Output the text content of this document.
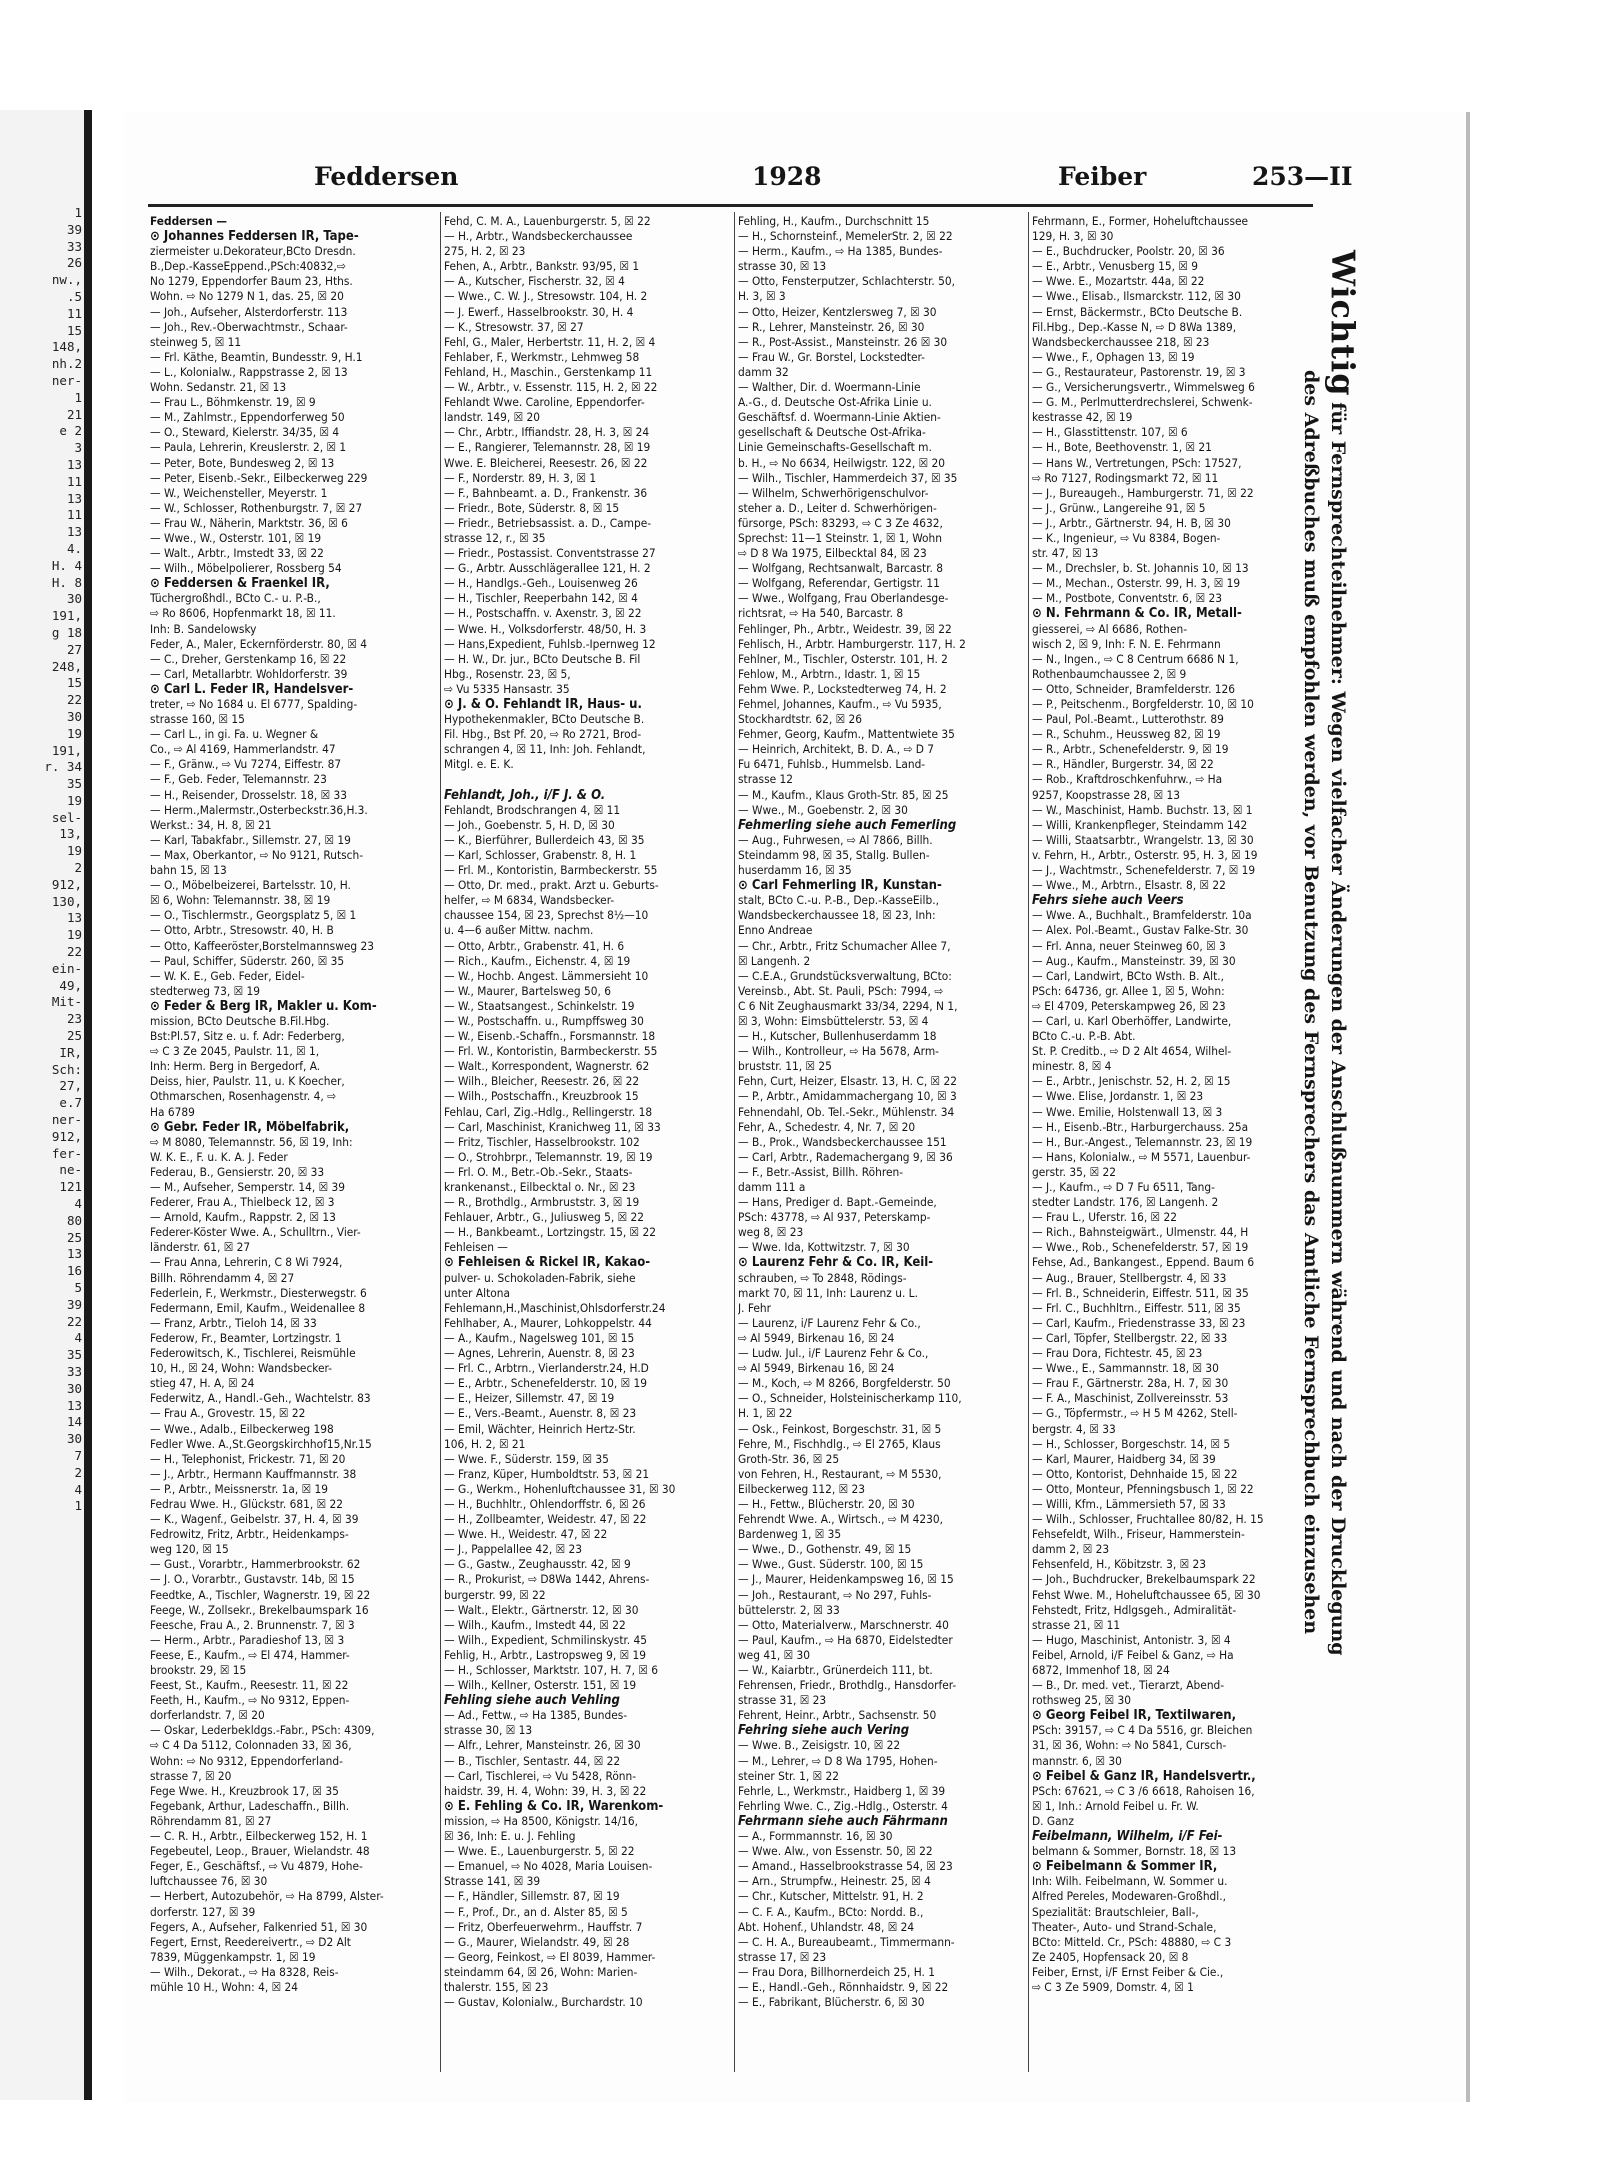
1
39
33
26
nw.,
.5
11
15
148,
nh.2
ner-
1
21
e 2
3
13
11
13
11
13
4.
H. 4
H. 8
30
191,
g 18
27
248,
15
22
30
19
191,
r. 34
35
19
sel-
13,
19
2
912,
130,
13
19
22
ein-
49,
Mit-
23
25
IR,
Sch:
27,
e.7
ner-
912,
fer-
ne-
121
4
80
25
13
16
5
39
22
4
35
33
30
13
14
30
7
2
4
1
Feddersen	1928	Feiber	253—II
Feddersen —
⊙ Johannes Feddersen IR, Tape-
ziermeister u.Dekorateur,BCto Dresdn.
B.,Dep.-KasseEppend.,PSch:40832,⇨
No 1279, Eppendorfer Baum 23, Hths.
Wohn. ⇨ No 1279 N 1, das. 25, ☒ 20
— Joh., Aufseher, Alsterdorferstr. 113
— Joh., Rev.-Oberwachtmstr., Schaar-
steinweg 5, ☒ 11
— Frl. Käthe, Beamtin, Bundesstr. 9, H.1
— L., Kolonialw., Rappstrasse 2, ☒ 13
Wohn. Sedanstr. 21, ☒ 13
— Frau L., Böhmkenstr. 19, ☒ 9
— M., Zahlmstr., Eppendorferweg 50
— O., Steward, Kielerstr. 34/35, ☒ 4
— Paula, Lehrerin, Kreuslerstr. 2, ☒ 1
— Peter, Bote, Bundesweg 2, ☒ 13
— Peter, Eisenb.-Sekr., Eilbeckerweg 229
— W., Weichensteller, Meyerstr. 1
— W., Schlosser, Rothenburgstr. 7, ☒ 27
— Frau W., Näherin, Marktstr. 36, ☒ 6
— Wwe., W., Osterstr. 101, ☒ 19
— Walt., Arbtr., Imstedt 33, ☒ 22
— Wilh., Möbelpolierer, Rossberg 54
⊙ Feddersen & Fraenkel IR,
Tüchergroßhdl., BCto C.- u. P.-B.,
⇨ Ro 8606, Hopfenmarkt 18, ☒ 11.
Inh: B. Sandelowsky
Feder, A., Maler, Eckernförderstr. 80, ☒ 4
— C., Dreher, Gerstenkamp 16, ☒ 22
— Carl, Metallarbtr. Wohldorferstr. 39
⊙ Carl L. Feder IR, Handelsver-
treter, ⇨ No 1684 u. El 6777, Spalding-
strasse 160, ☒ 15
— Carl L., in gi. Fa. u. Wegner &
Co., ⇨ Al 4169, Hammerlandstr. 47
— F., Gränw., ⇨ Vu 7274, Eiffestr. 87
— F., Geb. Feder, Telemannstr. 23
— H., Reisender, Drosselstr. 18, ☒ 33
— Herm.,Malermstr.,Osterbeckstr.36,H.3.
Werkst.: 34, H. 8, ☒ 21
— Karl, Tabakfabr., Sillemstr. 27, ☒ 19
— Max, Oberkantor, ⇨ No 9121, Rutsch-
bahn 15, ☒ 13
— O., Möbelbeizerei, Bartelsstr. 10, H.
☒ 6, Wohn: Telemannstr. 38, ☒ 19
— O., Tischlermstr., Georgsplatz 5, ☒ 1
— Otto, Arbtr., Stresowstr. 40, H. B
— Otto, Kaffeeröster,Borstelmannsweg 23
— Paul, Schiffer, Süderstr. 260, ☒ 35
— W. K. E., Geb. Feder, Eidel-
stedterweg 73, ☒ 19
⊙ Feder & Berg IR, Makler u. Kom-
mission, BCto Deutsche B.Fil.Hbg.
Bst:Pl.57, Sitz e. u. f. Adr: Federberg,
⇨ C 3 Ze 2045, Paulstr. 11, ☒ 1,
Inh: Herm. Berg in Bergedorf, A.
Deiss, hier, Paulstr. 11, u. K Koecher,
Othmarschen, Rosenhagenstr. 4, ⇨
Ha 6789
⊙ Gebr. Feder IR, Möbelfabrik,
⇨ M 8080, Telemannstr. 56, ☒ 19, Inh:
W. K. E., F. u. K. A. J. Feder
Federau, B., Gensierstr. 20, ☒ 33
— M., Aufseher, Semperstr. 14, ☒ 39
Federer, Frau A., Thielbeck 12, ☒ 3
— Arnold, Kaufm., Rappstr. 2, ☒ 13
Federer-Köster Wwe. A., Schulltrn., Vier-
länderstr. 61, ☒ 27
— Frau Anna, Lehrerin, C 8 Wi 7924,
Billh. Röhrendamm 4, ☒ 27
Federlein, F., Werkmstr., Diesterwegstr. 6
Federmann, Emil, Kaufm., Weidenallee 8
— Franz, Arbtr., Tieloh 14, ☒ 33
Federow, Fr., Beamter, Lortzingstr. 1
Federowitsch, K., Tischlerei, Reismühle
10, H., ☒ 24, Wohn: Wandsbecker-
stieg 47, H. A, ☒ 24
Federwitz, A., Handl.-Geh., Wachtelstr. 83
— Frau A., Grovestr. 15, ☒ 22
— Wwe., Adalb., Eilbeckerweg 198
Fedler Wwe. A.,St.Georgskirchhof15,Nr.15
— H., Telephonist, Frickestr. 71, ☒ 20
— J., Arbtr., Hermann Kauffmannstr. 38
— P., Arbtr., Meissnerstr. 1a, ☒ 19
Fedrau Wwe. H., Glückstr. 681, ☒ 22
— K., Wagenf., Geibelstr. 37, H. 4, ☒ 39
Fedrowitz, Fritz, Arbtr., Heidenkamps-
weg 120, ☒ 15
— Gust., Vorarbtr., Hammerbrookstr. 62
— J. O., Vorarbtr., Gustavstr. 14b, ☒ 15
Feedtke, A., Tischler, Wagnerstr. 19, ☒ 22
Feege, W., Zollsekr., Brekelbaumspark 16
Feesche, Frau A., 2. Brunnenstr. 7, ☒ 3
— Herm., Arbtr., Paradieshof 13, ☒ 3
Feese, E., Kaufm., ⇨ El 474, Hammer-
brookstr. 29, ☒ 15
Feest, St., Kaufm., Reesestr. 11, ☒ 22
Feeth, H., Kaufm., ⇨ No 9312, Eppen-
dorferlandstr. 7, ☒ 20
— Oskar, Lederbekldgs.-Fabr., PSch: 4309,
⇨ C 4 Da 5112, Colonnaden 33, ☒ 36,
Wohn: ⇨ No 9312, Eppendorferland-
strasse 7, ☒ 20
Fege Wwe. H., Kreuzbrook 17, ☒ 35
Fegebank, Arthur, Ladeschaffn., Billh.
Röhrendamm 81, ☒ 27
— C. R. H., Arbtr., Eilbeckerweg 152, H. 1
Fegebeutel, Leop., Brauer, Wielandstr. 48
Feger, E., Geschäftsf., ⇨ Vu 4879, Hohe-
luftchaussee 76, ☒ 30
— Herbert, Autozubehör, ⇨ Ha 8799, Alster-
dorferstr. 127, ☒ 39
Fegers, A., Aufseher, Falkenried 51, ☒ 30
Fegert, Ernst, Reedereivertr., ⇨ D2 Alt
7839, Müggenkampstr. 1, ☒ 19
— Wilh., Dekorat., ⇨ Ha 8328, Reis-
mühle 10 H., Wohn: 4, ☒ 24
Fehd, C. M. A., Lauenburgerstr. 5, ☒ 22
— H., Arbtr., Wandsbeckerchaussee
275, H. 2, ☒ 23
Fehen, A., Arbtr., Bankstr. 93/95, ☒ 1
— A., Kutscher, Fischerstr. 32, ☒ 4
— Wwe., C. W. J., Stresowstr. 104, H. 2
— J. Ewerf., Hasselbrookstr. 30, H. 4
— K., Stresowstr. 37, ☒ 27
Fehl, G., Maler, Herbertstr. 11, H. 2, ☒ 4
Fehlaber, F., Werkmstr., Lehmweg 58
Fehland, H., Maschin., Gerstenkamp 11
— W., Arbtr., v. Essenstr. 115, H. 2, ☒ 22
Fehlandt Wwe. Caroline, Eppendorfer-
landstr. 149, ☒ 20
— Chr., Arbtr., Iffiandstr. 28, H. 3, ☒ 24
— E., Rangierer, Telemannstr. 28, ☒ 19
Wwe. E. Bleicherei, Reesestr. 26, ☒ 22
— F., Norderstr. 89, H. 3, ☒ 1
— F., Bahnbeamt. a. D., Frankenstr. 36
— Friedr., Bote, Süderstr. 8, ☒ 15
— Friedr., Betriebsassist. a. D., Campe-
strasse 12, r., ☒ 35
— Friedr., Postassist. Conventstrasse 27
— G., Arbtr. Ausschlägerallee 121, H. 2
— H., Handlgs.-Geh., Louisenweg 26
— H., Tischler, Reeperbahn 142, ☒ 4
— H., Postschaffn. v. Axenstr. 3, ☒ 22
— Wwe. H., Volksdorferstr. 48/50, H. 3
— Hans,Expedient, Fuhlsb.-Ipernweg 12
— H. W., Dr. jur., BCto Deutsche B. Fil
Hbg., Rosenstr. 23, ☒ 5,
⇨ Vu 5335 Hansastr. 35
⊙ J. & O. Fehlandt IR, Haus- u.
Hypothekenmakler, BCto Deutsche B.
Fil. Hbg., Bst Pf. 20, ⇨ Ro 2721, Brod-
schrangen 4, ☒ 11, Inh: Joh. Fehlandt,
Mitgl. e. E. K.

Fehlandt, Joh., i/F J. & O.
Fehlandt, Brodschrangen 4, ☒ 11
— Joh., Goebenstr. 5, H. D, ☒ 30
— K., Bierführer, Bullerdeich 43, ☒ 35
— Karl, Schlosser, Grabenstr. 8, H. 1
— Frl. M., Kontoristin, Barmbeckerstr. 55
— Otto, Dr. med., prakt. Arzt u. Geburts-
helfer, ⇨ M 6834, Wandsbecker-
chaussee 154, ☒ 23, Sprechst 8½—10
u. 4—6 außer Mittw. nachm.
— Otto, Arbtr., Grabenstr. 41, H. 6
— Rich., Kaufm., Eichenstr. 4, ☒ 19
— W., Hochb. Angest. Lämmersieht 10
— W., Maurer, Bartelsweg 50, 6
— W., Staatsangest., Schinkelstr. 19
— W., Postschaffn. u., Rumpffsweg 30
— W., Eisenb.-Schaffn., Forsmannstr. 18
— Frl. W., Kontoristin, Barmbeckerstr. 55
— Walt., Korrespondent, Wagnerstr. 62
— Wilh., Bleicher, Reesestr. 26, ☒ 22
— Wilh., Postschaffn., Kreuzbrook 15
Fehlau, Carl, Zig.-Hdlg., Rellingerstr. 18
— Carl, Maschinist, Kranichweg 11, ☒ 33
— Fritz, Tischler, Hasselbrookstr. 102
— O., Strohbrpr., Telemannstr. 19, ☒ 19
— Frl. O. M., Betr.-Ob.-Sekr., Staats-
krankenanst., Eilbecktal o. Nr., ☒ 23
— R., Brothdlg., Armbruststr. 3, ☒ 19
Fehlauer, Arbtr., G., Juliusweg 5, ☒ 22
— H., Bankbeamt., Lortzingstr. 15, ☒ 22
Fehleisen —
⊙ Fehleisen & Rickel IR, Kakao-
pulver- u. Schokoladen-Fabrik, siehe
unter Altona
Fehlemann,H.,Maschinist,Ohlsdorferstr.24
Fehlhaber, A., Maurer, Lohkoppelstr. 44
— A., Kaufm., Nagelsweg 101, ☒ 15
— Agnes, Lehrerin, Auenstr. 8, ☒ 23
— Frl. C., Arbtrn., Vierlanderstr.24, H.D
— E., Arbtr., Schenefelderstr. 10, ☒ 19
— E., Heizer, Sillemstr. 47, ☒ 19
— E., Vers.-Beamt., Auenstr. 8, ☒ 23
— Emil, Wächter, Heinrich Hertz-Str.
106, H. 2, ☒ 21
— Wwe. F., Süderstr. 159, ☒ 35
— Franz, Küper, Humboldtstr. 53, ☒ 21
— G., Werkm., Hohenluftchaussee 31, ☒ 30
— H., Buchhltr., Ohlendorffstr. 6, ☒ 26
— H., Zollbeamter, Weidestr. 47, ☒ 22
— Wwe. H., Weidestr. 47, ☒ 22
— J., Pappelallee 42, ☒ 23
— G., Gastw., Zeughausstr. 42, ☒ 9
— R., Prokurist, ⇨ D8Wa 1442, Ahrens-
burgerstr. 99, ☒ 22
— Walt., Elektr., Gärtnerstr. 12, ☒ 30
— Wilh., Kaufm., Imstedt 44, ☒ 22
— Wilh., Expedient, Schmilinskystr. 45
Fehlig, H., Arbtr., Lastropsweg 9, ☒ 19
— H., Schlosser, Marktstr. 107, H. 7, ☒ 6
— Wilh., Kellner, Osterstr. 151, ☒ 19
Fehling siehe auch Vehling
— Ad., Fettw., ⇨ Ha 1385, Bundes-
strasse 30, ☒ 13
— Alfr., Lehrer, Mansteinstr. 26, ☒ 30
— B., Tischler, Sentastr. 44, ☒ 22
— Carl, Tischlerei, ⇨ Vu 5428, Rönn-
haidstr. 39, H. 4, Wohn: 39, H. 3, ☒ 22
⊙ E. Fehling & Co. IR, Warenkom-
mission, ⇨ Ha 8500, Königstr. 14/16,
☒ 36, Inh: E. u. J. Fehling
— Wwe. E., Lauenburgerstr. 5, ☒ 22
— Emanuel, ⇨ No 4028, Maria Louisen-
Strasse 141, ☒ 39
— F., Händler, Sillemstr. 87, ☒ 19
— F., Prof., Dr., an d. Alster 85, ☒ 5
— Fritz, Oberfeuerwehrm., Hauffstr. 7
— G., Maurer, Wielandstr. 49, ☒ 28
— Georg, Feinkost, ⇨ El 8039, Hammer-
steindamm 64, ☒ 26, Wohn: Marien-
thalerstr. 155, ☒ 23
— Gustav, Kolonialw., Burchardstr. 10
Fehling, H., Kaufm., Durchschnitt 15
— H., Schornsteinf., MemelerStr. 2, ☒ 22
— Herm., Kaufm., ⇨ Ha 1385, Bundes-
strasse 30, ☒ 13
— Otto, Fensterputzer, Schlachterstr. 50,
H. 3, ☒ 3
— Otto, Heizer, Kentzlersweg 7, ☒ 30
— R., Lehrer, Mansteinstr. 26, ☒ 30
— R., Post-Assist., Mansteinstr. 26 ☒ 30
— Frau W., Gr. Borstel, Lockstedter-
damm 32
— Walther, Dir. d. Woermann-Linie
A.-G., d. Deutsche Ost-Afrika Linie u.
Geschäftsf. d. Woermann-Linie Aktien-
gesellschaft & Deutsche Ost-Afrika-
Linie Gemeinschafts-Gesellschaft m.
b. H., ⇨ No 6634, Heilwigstr. 122, ☒ 20
— Wilh., Tischler, Hammerdeich 37, ☒ 35
— Wilhelm, Schwerhörigenschulvor-
steher a. D., Leiter d. Schwerhörigen-
fürsorge, PSch: 83293, ⇨ C 3 Ze 4632,
Sprechst: 11—1 Steinstr. 1, ☒ 1, Wohn
⇨ D 8 Wa 1975, Eilbecktal 84, ☒ 23
— Wolfgang, Rechtsanwalt, Barcastr. 8
— Wolfgang, Referendar, Gertigstr. 11
— Wwe., Wolfgang, Frau Oberlandesge-
richtsrat, ⇨ Ha 540, Barcastr. 8
Fehlinger, Ph., Arbtr., Weidestr. 39, ☒ 22
Fehlisch, H., Arbtr. Hamburgerstr. 117, H. 2
Fehlner, M., Tischler, Osterstr. 101, H. 2
Fehlow, M., Arbtrn., Idastr. 1, ☒ 15
Fehm Wwe. P., Lockstedterweg 74, H. 2
Fehmel, Johannes, Kaufm., ⇨ Vu 5935,
Stockhardtstr. 62, ☒ 26
Fehmer, Georg, Kaufm., Mattentwiete 35
— Heinrich, Architekt, B. D. A., ⇨ D 7
Fu 6471, Fuhlsb., Hummelsb. Land-
strasse 12
— M., Kaufm., Klaus Groth-Str. 85, ☒ 25
— Wwe., M., Goebenstr. 2, ☒ 30
Fehmerling siehe auch Femerling
— Aug., Fuhrwesen, ⇨ Al 7866, Billh.
Steindamm 98, ☒ 35, Stallg. Bullen-
huserdamm 16, ☒ 35
⊙ Carl Fehmerling IR, Kunstan-
stalt, BCto C.-u. P.-B., Dep.-KasseEilb.,
Wandsbeckerchaussee 18, ☒ 23, Inh:
Enno Andreae
— Chr., Arbtr., Fritz Schumacher Allee 7,
☒ Langenh. 2
— C.E.A., Grundstücksverwaltung, BCto:
Vereinsb., Abt. St. Pauli, PSch: 7994, ⇨
C 6 Nit Zeughausmarkt 33/34, 2294, N 1,
☒ 3, Wohn: Eimsbüttelerstr. 53, ☒ 4
— H., Kutscher, Bullenhuserdamm 18
— Wilh., Kontrolleur, ⇨ Ha 5678, Arm-
bruststr. 11, ☒ 25
Fehn, Curt, Heizer, Elsastr. 13, H. C, ☒ 22
— P., Arbtr., Amidammachergang 10, ☒ 3
Fehnendahl, Ob. Tel.-Sekr., Mühlenstr. 34
Fehr, A., Schedestr. 4, Nr. 7, ☒ 20
— B., Prok., Wandsbeckerchaussee 151
— Carl, Arbtr., Rademachergang 9, ☒ 36
— F., Betr.-Assist, Billh. Röhren-
damm 111 a
— Hans, Prediger d. Bapt.-Gemeinde,
PSch: 43778, ⇨ Al 937, Peterskamp-
weg 8, ☒ 23
— Wwe. Ida, Kottwitzstr. 7, ☒ 30
⊙ Laurenz Fehr & Co. IR, Keil-
schrauben, ⇨ To 2848, Rödings-
markt 70, ☒ 11, Inh: Laurenz u. L.
J. Fehr
— Laurenz, i/F Laurenz Fehr & Co.,
⇨ Al 5949, Birkenau 16, ☒ 24
— Ludw. Jul., i/F Laurenz Fehr & Co.,
⇨ Al 5949, Birkenau 16, ☒ 24
— M., Koch, ⇨ M 8266, Borgfelderstr. 50
— O., Schneider, Holsteinischerkamp 110,
H. 1, ☒ 22
— Osk., Feinkost, Borgeschstr. 31, ☒ 5
Fehre, M., Fischhdlg., ⇨ El 2765, Klaus
Groth-Str. 36, ☒ 25
von Fehren, H., Restaurant, ⇨ M 5530,
Eilbeckerweg 112, ☒ 23
— H., Fettw., Blücherstr. 20, ☒ 30
Fehrendt Wwe. A., Wirtsch., ⇨ M 4230,
Bardenweg 1, ☒ 35
— Wwe., D., Gothenstr. 49, ☒ 15
— Wwe., Gust. Süderstr. 100, ☒ 15
— J., Maurer, Heidenkampsweg 16, ☒ 15
— Joh., Restaurant, ⇨ No 297, Fuhls-
büttelerstr. 2, ☒ 33
— Otto, Materialverw., Marschnerstr. 40
— Paul, Kaufm., ⇨ Ha 6870, Eidelstedter
weg 41, ☒ 30
— W., Kaiarbtr., Grünerdeich 111, bt.
Fehrensen, Friedr., Brothdlg., Hansdorfer-
strasse 31, ☒ 23
Fehrent, Heinr., Arbtr., Sachsenstr. 50
Fehring siehe auch Vering
— Wwe. B., Zeisigstr. 10, ☒ 22
— M., Lehrer, ⇨ D 8 Wa 1795, Hohen-
steiner Str. 1, ☒ 22
Fehrle, L., Werkmstr., Haidberg 1, ☒ 39
Fehrling Wwe. C., Zig.-Hdlg., Osterstr. 4
Fehrmann siehe auch Fährmann
— A., Formmannstr. 16, ☒ 30
— Wwe. Alw., von Essenstr. 50, ☒ 22
— Amand., Hasselbrookstrasse 54, ☒ 23
— Arn., Strumpfw., Heinestr. 25, ☒ 4
— Chr., Kutscher, Mittelstr. 91, H. 2
— C. F. A., Kaufm., BCto: Nordd. B.,
Abt. Hohenf., Uhlandstr. 48, ☒ 24
— C. H. A., Bureaubeamt., Timmermann-
strasse 17, ☒ 23
— Frau Dora, Billhornerdeich 25, H. 1
— E., Handl.-Geh., Rönnhaidstr. 9, ☒ 22
— E., Fabrikant, Blücherstr. 6, ☒ 30
Fehrmann, E., Former, Hoheluftchaussee
129, H. 3, ☒ 30
— E., Buchdrucker, Poolstr. 20, ☒ 36
— E., Arbtr., Venusberg 15, ☒ 9
— Wwe. E., Mozartstr. 44a, ☒ 22
— Wwe., Elisab., Ilsmarckstr. 112, ☒ 30
— Ernst, Bäckermstr., BCto Deutsche B.
Fil.Hbg., Dep.-Kasse N, ⇨ D 8Wa 1389,
Wandsbeckerchaussee 218, ☒ 23
— Wwe., F., Ophagen 13, ☒ 19
— G., Restaurateur, Pastorenstr. 19, ☒ 3
— G., Versicherungsvertr., Wimmelsweg 6
— G. M., Perlmutterdrechslerei, Schwenk-
kestrasse 42, ☒ 19
— H., Glasstittenstr. 107, ☒ 6
— H., Bote, Beethovenstr. 1, ☒ 21
— Hans W., Vertretungen, PSch: 17527,
⇨ Ro 7127, Rodingsmarkt 72, ☒ 11
— J., Bureaugeh., Hamburgerstr. 71, ☒ 22
— J., Grünw., Langereihe 91, ☒ 5
— J., Arbtr., Gärtnerstr. 94, H. B, ☒ 30
— K., Ingenieur, ⇨ Vu 8384, Bogen-
str. 47, ☒ 13
— M., Drechsler, b. St. Johannis 10, ☒ 13
— M., Mechan., Osterstr. 99, H. 3, ☒ 19
— M., Postbote, Conventstr. 6, ☒ 23
⊙ N. Fehrmann & Co. IR, Metall-
giesserei, ⇨ Al 6686, Rothen-
wisch 2, ☒ 9, Inh: F. N. E. Fehrmann
— N., Ingen., ⇨ C 8 Centrum 6686 N 1,
Rothenbaumchaussee 2, ☒ 9
— Otto, Schneider, Bramfelderstr. 126
— P., Peitschenm., Borgfelderstr. 10, ☒ 10
— Paul, Pol.-Beamt., Lutterothstr. 89
— R., Schuhm., Heussweg 82, ☒ 19
— R., Arbtr., Schenefelderstr. 9, ☒ 19
— R., Händler, Burgerstr. 34, ☒ 22
— Rob., Kraftdroschkenfuhrw., ⇨ Ha
9257, Koopstrasse 28, ☒ 13
— W., Maschinist, Hamb. Buchstr. 13, ☒ 1
— Willi, Krankenpfleger, Steindamm 142
— Willi, Staatsarbtr., Wrangelstr. 13, ☒ 30
v. Fehrn, H., Arbtr., Osterstr. 95, H. 3, ☒ 19
— J., Wachtmstr., Schenefelderstr. 7, ☒ 19
— Wwe., M., Arbtrn., Elsastr. 8, ☒ 22
Fehrs siehe auch Veers
— Wwe. A., Buchhalt., Bramfelderstr. 10a
— Alex. Pol.-Beamt., Gustav Falke-Str. 30
— Frl. Anna, neuer Steinweg 60, ☒ 3
— Aug., Kaufm., Mansteinstr. 39, ☒ 30
— Carl, Landwirt, BCto Wsth. B. Alt.,
PSch: 64736, gr. Allee 1, ☒ 5, Wohn:
⇨ El 4709, Peterskampweg 26, ☒ 23
— Carl, u. Karl Oberhöffer, Landwirte,
BCto C.-u. P.-B. Abt.
St. P. Creditb., ⇨ D 2 Alt 4654, Wilhel-
minestr. 8, ☒ 4
— E., Arbtr., Jenischstr. 52, H. 2, ☒ 15
— Wwe. Elise, Jordanstr. 1, ☒ 23
— Wwe. Emilie, Holstenwall 13, ☒ 3
— H., Eisenb.-Btr., Harburgerchauss. 25a
— H., Bur.-Angest., Telemannstr. 23, ☒ 19
— Hans, Kolonialw., ⇨ M 5571, Lauenbur-
gerstr. 35, ☒ 22
— J., Kaufm., ⇨ D 7 Fu 6511, Tang-
stedter Landstr. 176, ☒ Langenh. 2
— Frau L., Uferstr. 16, ☒ 22
— Rich., Bahnsteigwärt., Ulmenstr. 44, H
— Wwe., Rob., Schenefelderstr. 57, ☒ 19
Fehse, Ad., Bankangest., Eppend. Baum 6
— Aug., Brauer, Stellbergstr. 4, ☒ 33
— Frl. B., Schneiderin, Eiffestr. 511, ☒ 35
— Frl. C., Buchhltrn., Eiffestr. 511, ☒ 35
— Carl, Kaufm., Friedenstrasse 33, ☒ 23
— Carl, Töpfer, Stellbergstr. 22, ☒ 33
— Frau Dora, Fichtestr. 45, ☒ 23
— Wwe., E., Sammannstr. 18, ☒ 30
— Frau F., Gärtnerstr. 28a, H. 7, ☒ 30
— F. A., Maschinist, Zollvereinsstr. 53
— G., Töpfermstr., ⇨ H 5 M 4262, Stell-
bergstr. 4, ☒ 33
— H., Schlosser, Borgeschstr. 14, ☒ 5
— Karl, Maurer, Haidberg 34, ☒ 39
— Otto, Kontorist, Dehnhaide 15, ☒ 22
— Otto, Monteur, Pfenningsbusch 1, ☒ 22
— Willi, Kfm., Lämmersieth 57, ☒ 33
— Wilh., Schlosser, Fruchtallee 80/82, H. 15
Fehsefeldt, Wilh., Friseur, Hammerstein-
damm 2, ☒ 23
Fehsenfeld, H., Köbitzstr. 3, ☒ 23
— Joh., Buchdrucker, Brekelbaumspark 22
Fehst Wwe. M., Hoheluftchaussee 65, ☒ 30
Fehstedt, Fritz, Hdlgsgeh., Admiralität-
strasse 21, ☒ 11
— Hugo, Maschinist, Antonistr. 3, ☒ 4
Feibel, Arnold, i/F Feibel & Ganz, ⇨ Ha
6872, Immenhof 18, ☒ 24
— B., Dr. med. vet., Tierarzt, Abend-
rothsweg 25, ☒ 30
⊙ Georg Feibel IR, Textilwaren,
PSch: 39157, ⇨ C 4 Da 5516, gr. Bleichen
31, ☒ 36, Wohn: ⇨ No 5841, Cursch-
mannstr. 6, ☒ 30
⊙ Feibel & Ganz IR, Handelsvertr.,
PSch: 67621, ⇨ C 3 /6 6618, Rahoisen 16,
☒ 1, Inh.: Arnold Feibel u. Fr. W.
D. Ganz
Feibelmann, Wilhelm, i/F Fei-
belmann & Sommer, Bornstr. 18, ☒ 13
⊙ Feibelmann & Sommer IR,
Inh: Wilh. Feibelmann, W. Sommer u.
Alfred Pereles, Modewaren-Großhdl.,
Spezialität: Brautschleier, Ball-,
Theater-, Auto- und Strand-Schale,
BCto: Mitteld. Cr., PSch: 48880, ⇨ C 3
Ze 2405, Hopfensack 20, ☒ 8
Feiber, Ernst, i/F Ernst Feiber & Cie.,
⇨ C 3 Ze 5909, Domstr. 4, ☒ 1
Wichtig für Fernsprechteilnehmer: Wegen vielfacher Änderungen der Anschlußnummern während und nach der Drucklegung
des Adreßbuches muß empfohlen werden, vor Benutzung des Fernsprechers das Amtliche Fernsprechbuch einzusehen
